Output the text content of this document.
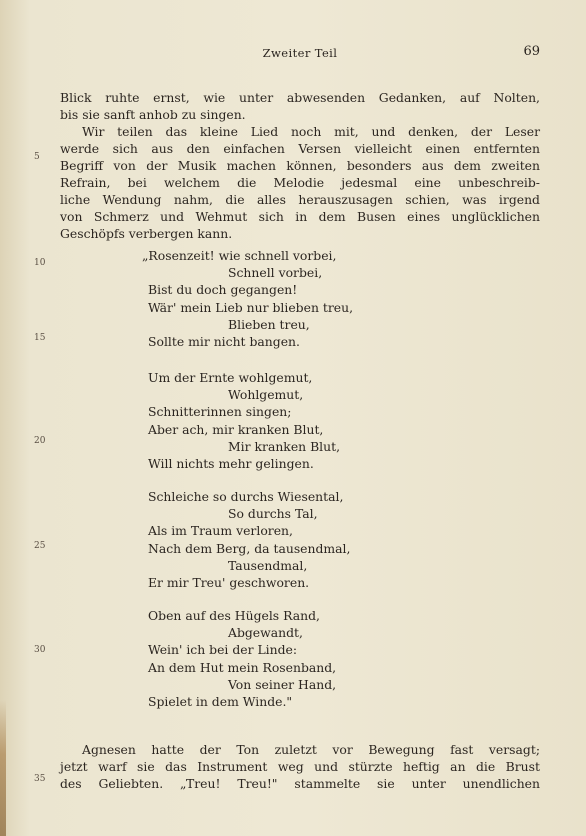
Zweiter Teil	69
Blick ruhte ernst, wie unter abwesenden Gedanken, auf Nolten,
bis sie sanft anhob zu singen.
Wir teilen das kleine Lied noch mit, und denken, der Leser
werde sich aus den einfachen Versen vielleicht einen entfernten
Begriff von der Musik machen können, besonders aus dem zweiten
Refrain, bei welchem die Melodie jedesmal eine unbeschreib-
liche Wendung nahm, die alles herauszusagen schien, was irgend
von Schmerz und Wehmut sich in dem Busen eines unglücklichen
Geschöpfs verbergen kann.
5
10
15
20
25
30
35
„Rosenzeit! wie schnell vorbei,
Schnell vorbei,
Bist du doch gegangen!
Wär' mein Lieb nur blieben treu,
Blieben treu,
Sollte mir nicht bangen.
Um der Ernte wohlgemut,
Wohlgemut,
Schnitterinnen singen;
Aber ach, mir kranken Blut,
Mir kranken Blut,
Will nichts mehr gelingen.
Schleiche so durchs Wiesental,
So durchs Tal,
Als im Traum verloren,
Nach dem Berg, da tausendmal,
Tausendmal,
Er mir Treu' geschworen.
Oben auf des Hügels Rand,
Abgewandt,
Wein' ich bei der Linde:
An dem Hut mein Rosenband,
Von seiner Hand,
Spielet in dem Winde."
Agnesen hatte der Ton zuletzt vor Bewegung fast versagt;
jetzt warf sie das Instrument weg und stürzte heftig an die Brust
des Geliebten. „Treu! Treu!" stammelte sie unter unendlichen
